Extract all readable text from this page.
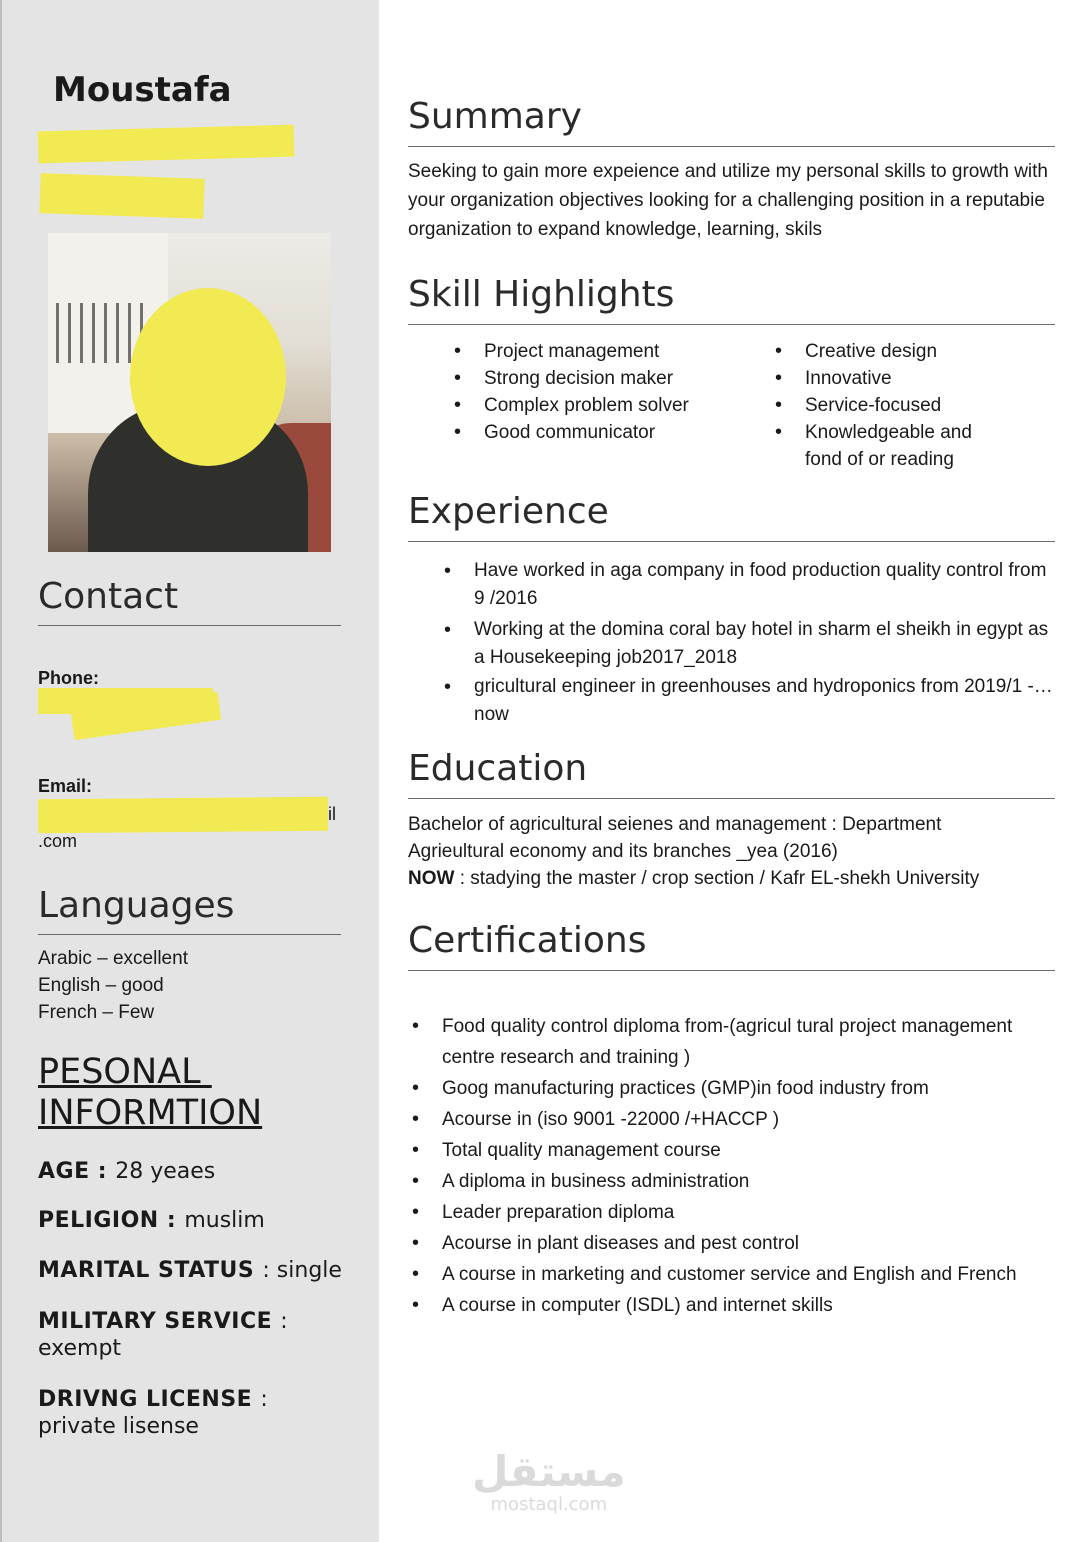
Moustafa
Contact
Phone:
Email:
il
.com
Languages
Arabic – excellent
English – good
French – Few
PESONAL
INFORMTION
AGE : 28 yeaes
PELIGION : muslim
MARITAL STATUS : single
MILITARY SERVICE :
exempt
DRIVNG LICENSE :
private lisense
Summary
Seeking to gain more expeience and utilize my personal skills to growth with your organization objectives looking for a challenging position in a reputabie organization to expand knowledge, learning, skils
Skill Highlights
• Project management
• Strong decision maker
• Complex problem solver
• Good communicator
• Creative design
• Innovative
• Service-focused
• Knowledgeable and fond of or reading
Experience
• Have worked in aga company in food production quality control from 9 /2016
• Working at the domina coral bay hotel in sharm el sheikh in egypt as a Housekeeping job2017_2018
• gricultural engineer in greenhouses and hydroponics from 2019/1 -…now
Education
Bachelor of agricultural seienes and management : Department
Agrieultural economy and its branches _yea (2016)
NOW : stadying the master / crop section / Kafr EL-shekh University
Certifications
• Food quality control diploma from-(agricul tural project management centre research and training )
• Goog manufacturing practices (GMP)in food industry from
• Acourse in (iso 9001 -22000 /+HACCP )
• Total quality management course
• A diploma in business administration
• Leader preparation diploma
• Acourse in plant diseases and pest control
• A course in marketing and customer service and English and French
• A course in computer (ISDL) and internet skills
مستقل
mostaql.com
